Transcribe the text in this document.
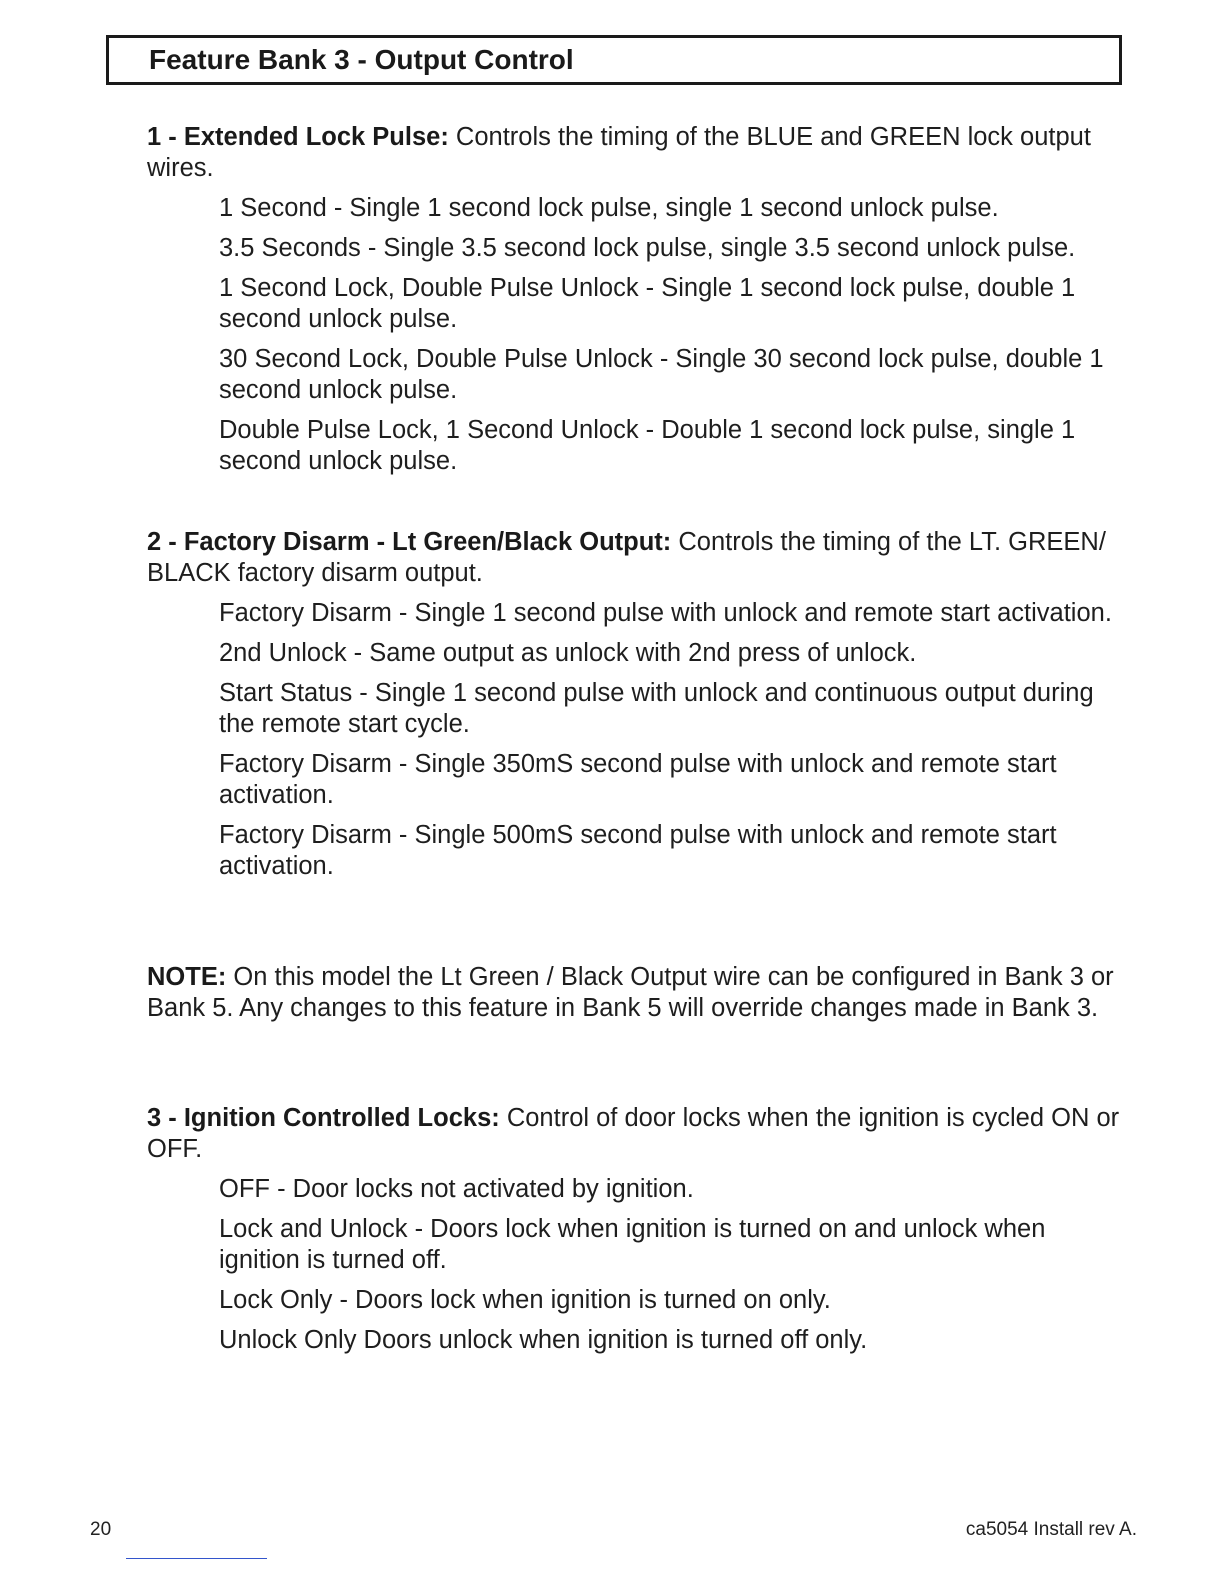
Feature Bank 3 - Output Control

1 - Extended Lock Pulse: Controls the timing of the BLUE and GREEN lock output wires.

1 Second - Single 1 second lock pulse, single 1 second unlock pulse.
3.5 Seconds - Single 3.5 second lock pulse, single 3.5 second unlock pulse.
1 Second Lock, Double Pulse Unlock - Single 1 second lock pulse, double 1 second unlock pulse.
30 Second Lock, Double Pulse Unlock - Single 30 second lock pulse, double 1 second unlock pulse.
Double Pulse Lock, 1 Second Unlock - Double 1 second lock pulse, single 1 second unlock pulse.

2 - Factory Disarm - Lt Green/Black Output: Controls the timing of the LT. GREEN/ BLACK factory disarm output.

Factory Disarm - Single 1 second pulse with unlock and remote start activation.
2nd Unlock - Same output as unlock with 2nd press of unlock.
Start Status - Single 1 second pulse with unlock and continuous output during the remote start cycle.
Factory Disarm - Single 350mS second pulse with unlock and remote start activation.
Factory Disarm - Single 500mS second pulse with unlock and remote start activation.

NOTE: On this model the Lt Green / Black Output wire can be configured in Bank 3 or Bank 5. Any changes to this feature in Bank 5 will override changes made in Bank 3.

3 - Ignition Controlled Locks: Control of door locks when the ignition is cycled ON or OFF.

OFF - Door locks not activated by ignition.
Lock and Unlock - Doors lock when ignition is turned on and unlock when ignition is turned off.
Lock Only - Doors lock when ignition is turned on only.
Unlock Only Doors unlock when ignition is turned off only.
20	ca5054 Install rev A.
